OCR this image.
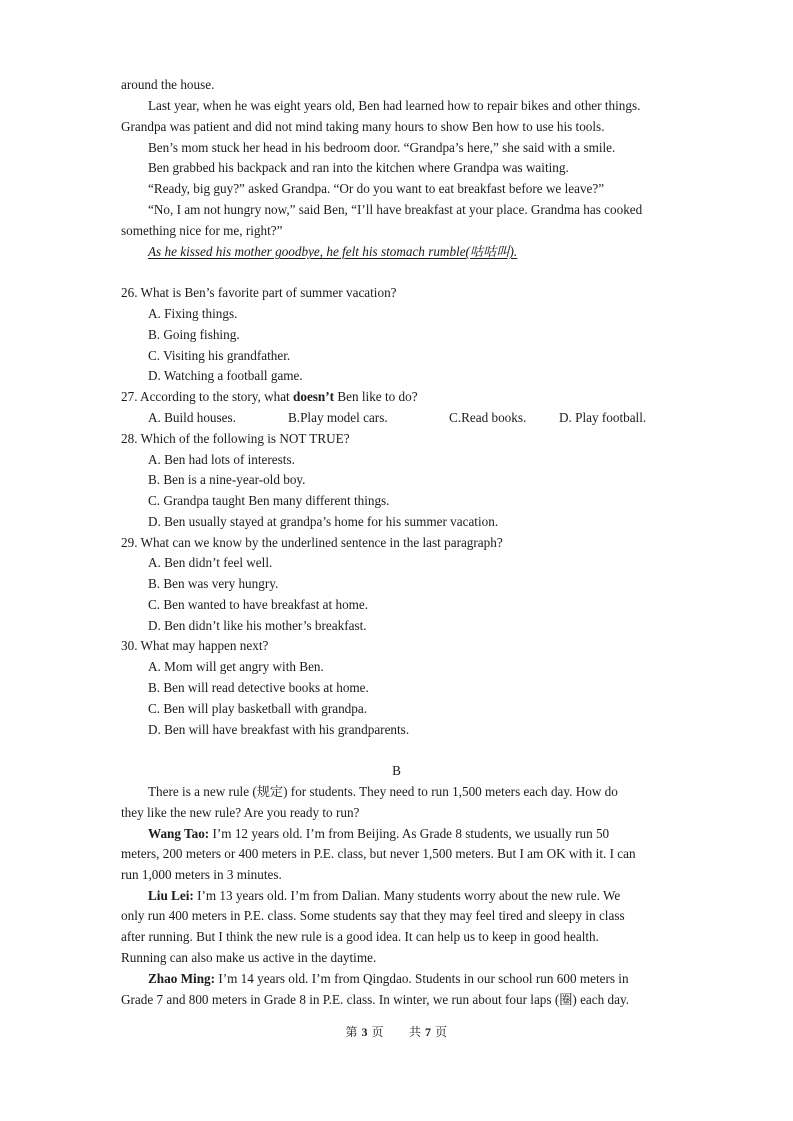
around the house.
Last year, when he was eight years old, Ben had learned how to repair bikes and other things.
Grandpa was patient and did not mind taking many hours to show Ben how to use his tools.
Ben’s mom stuck her head in his bedroom door. “Grandpa’s here,” she said with a smile.
Ben grabbed his backpack and ran into the kitchen where Grandpa was waiting.
“Ready, big guy?” asked Grandpa. “Or do you want to eat breakfast before we leave?”
“No, I am not hungry now,” said Ben, “I’ll have breakfast at your place. Grandma has cooked
something nice for me, right?”
As he kissed his mother goodbye, he felt his stomach rumble(咕咕叫).
26. What is Ben’s favorite part of summer vacation?
A. Fixing things.
B. Going fishing.
C. Visiting his grandfather.
D. Watching a football game.
27. According to the story, what doesn’t Ben like to do?
A. Build houses.	B.Play model cars.	C.Read books. D. Play football.
28. Which of the following is NOT TRUE?
A. Ben had lots of interests.
B. Ben is a nine-year-old boy.
C. Grandpa taught Ben many different things.
D. Ben usually stayed at grandpa’s home for his summer vacation.
29. What can we know by the underlined sentence in the last paragraph?
A. Ben didn’t feel well.
B. Ben was very hungry.
C. Ben wanted to have breakfast at home.
D. Ben didn’t like his mother’s breakfast.
30. What may happen next?
A. Mom will get angry with Ben.
B. Ben will read detective books at home.
C. Ben will play basketball with grandpa.
D. Ben will have breakfast with his grandparents.
B
There is a new rule (规定) for students. They need to run 1,500 meters each day. How do
they like the new rule? Are you ready to run?
Wang Tao: I’m 12 years old. I’m from Beijing. As Grade 8 students, we usually run 50
meters, 200 meters or 400 meters in P.E. class, but never 1,500 meters. But I am OK with it. I can
run 1,000 meters in 3 minutes.
Liu Lei: I’m 13 years old. I’m from Dalian. Many students worry about the new rule. We
only run 400 meters in P.E. class. Some students say that they may feel tired and sleepy in class
after running. But I think the new rule is a good idea. It can help us to keep in good health.
Running can also make us active in the daytime.
Zhao Ming: I’m 14 years old. I’m from Qingdao. Students in our school run 600 meters in
Grade 7 and 800 meters in Grade 8 in P.E. class. In winter, we run about four laps (圈) each day.
第 3 页　　共 7 页
